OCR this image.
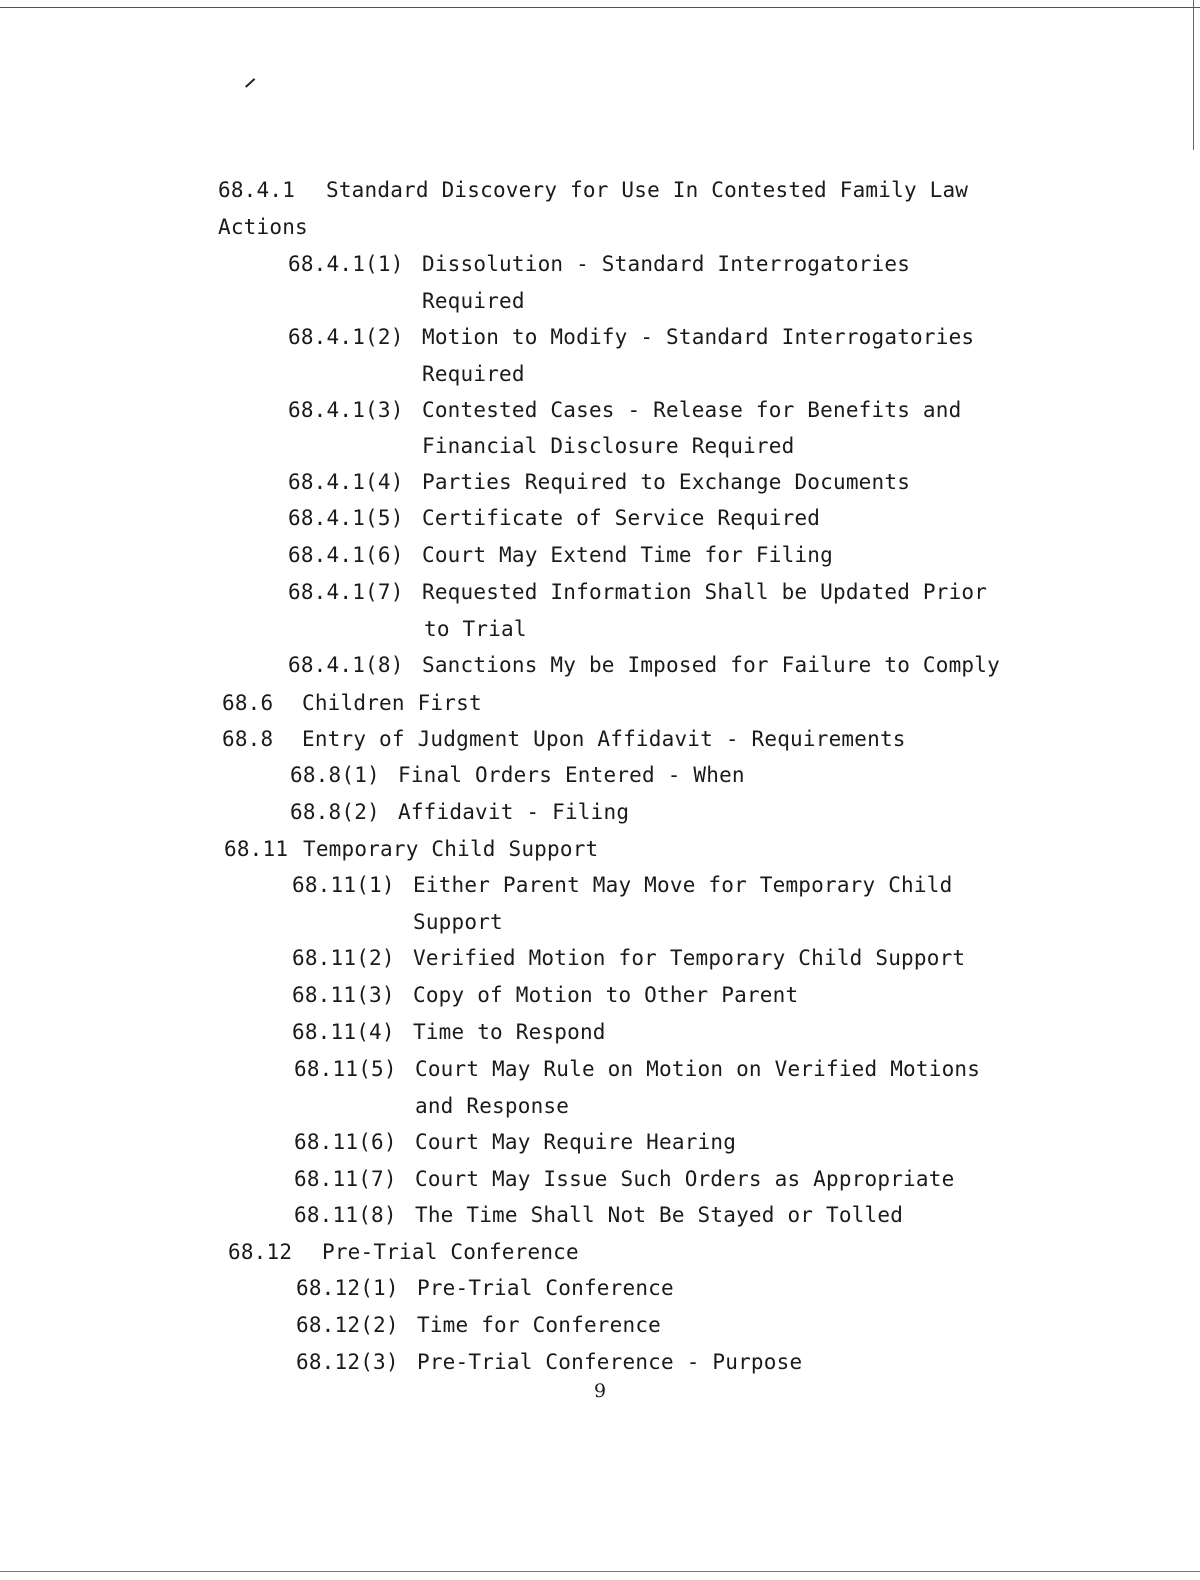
68.4.1 Standard Discovery for Use In Contested Family Law
Actions
68.4.1(1) Dissolution - Standard Interrogatories
Required
68.4.1(2) Motion to Modify - Standard Interrogatories
Required
68.4.1(3) Contested Cases - Release for Benefits and
Financial Disclosure Required
68.4.1(4) Parties Required to Exchange Documents
68.4.1(5) Certificate of Service Required
68.4.1(6) Court May Extend Time for Filing
68.4.1(7) Requested Information Shall be Updated Prior
to Trial
68.4.1(8) Sanctions My be Imposed for Failure to Comply
68.6 Children First
68.8 Entry of Judgment Upon Affidavit - Requirements
68.8(1) Final Orders Entered - When
68.8(2) Affidavit - Filing
68.11 Temporary Child Support
68.11(1) Either Parent May Move for Temporary Child
Support
68.11(2) Verified Motion for Temporary Child Support
68.11(3) Copy of Motion to Other Parent
68.11(4) Time to Respond
68.11(5) Court May Rule on Motion on Verified Motions
and Response
68.11(6) Court May Require Hearing
68.11(7) Court May Issue Such Orders as Appropriate
68.11(8) The Time Shall Not Be Stayed or Tolled
68.12 Pre-Trial Conference
68.12(1) Pre-Trial Conference
68.12(2) Time for Conference
68.12(3) Pre-Trial Conference - Purpose
9
